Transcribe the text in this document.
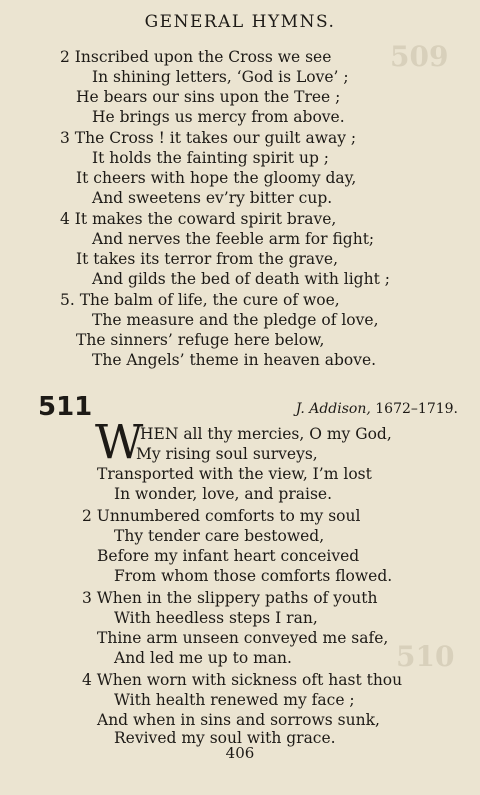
509
510
GENERAL HYMNS.
2 Inscribed upon the Cross we see
In shining letters, ‘God is Love’ ;
He bears our sins upon the Tree ;
He brings us mercy from above.
3 The Cross ! it takes our guilt away ;
It holds the fainting spirit up ;
It cheers with hope the gloomy day,
And sweetens ev’ry bitter cup.
4 It makes the coward spirit brave,
And nerves the feeble arm for fight;
It takes its terror from the grave,
And gilds the bed of death with light ;
5. The balm of life, the cure of woe,
The measure and the pledge of love,
The sinners’ refuge here below,
The Angels’ theme in heaven above.
511	J. Addison, 1672–1719.
W
HEN all thy mercies, O my God,
My rising soul surveys,
Transported with the view, I’m lost
In wonder, love, and praise.
2 Unnumbered comforts to my soul
Thy tender care bestowed,
Before my infant heart conceived
From whom those comforts flowed.
3 When in the slippery paths of youth
With heedless steps I ran,
Thine arm unseen conveyed me safe,
And led me up to man.
4 When worn with sickness oft hast thou
With health renewed my face ;
And when in sins and sorrows sunk,
Revived my soul with grace.
406
